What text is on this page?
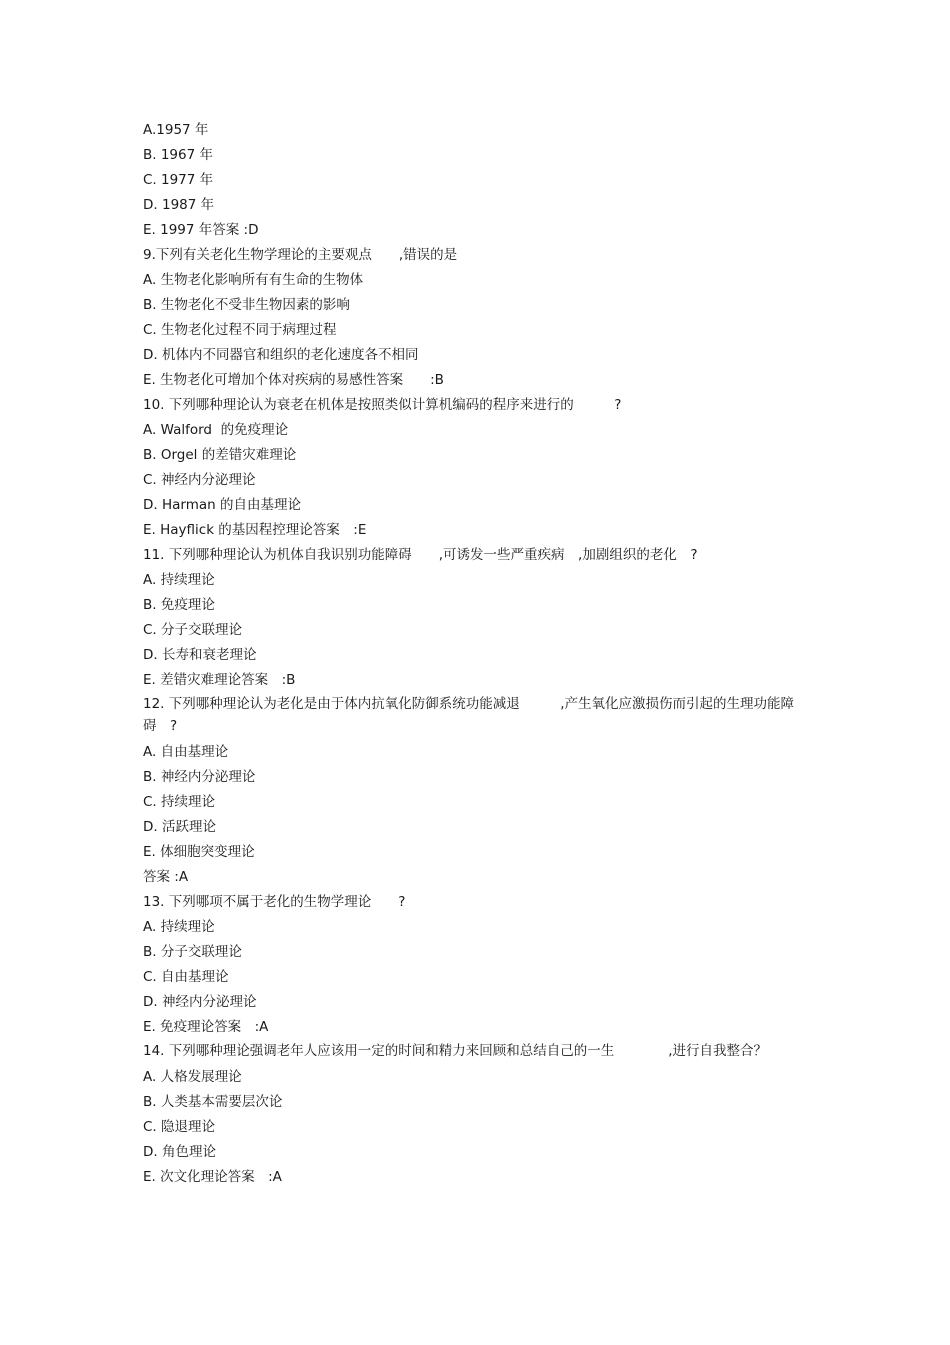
A.1957 年
B. 1967 年
C. 1977 年
D. 1987 年
E. 1997 年答案 :D
9.下列有关老化生物学理论的主要观点　　,错误的是
A. 生物老化影响所有有生命的生物体
B. 生物老化不受非生物因素的影响
C. 生物老化过程不同于病理过程
D. 机体内不同器官和组织的老化速度各不相同
E. 生物老化可增加个体对疾病的易感性答案　　:B
10. 下列哪种理论认为衰老在机体是按照类似计算机编码的程序来进行的　　　?
A. Walford  的免疫理论
B. Orgel 的差错灾难理论
C. 神经内分泌理论
D. Harman 的自由基理论
E. Hayflick 的基因程控理论答案　:E
11. 下列哪种理论认为机体自我识别功能障碍　　,可诱发一些严重疾病　,加剧组织的老化　?
A. 持续理论
B. 免疫理论
C. 分子交联理论
D. 长寿和衰老理论
E. 差错灾难理论答案　:B
12. 下列哪种理论认为老化是由于体内抗氧化防御系统功能减退　　　,产生氧化应激损伤而引起的生理功能障碍　?
A. 自由基理论
B. 神经内分泌理论
C. 持续理论
D. 活跃理论
E. 体细胞突变理论
答案 :A
13. 下列哪项不属于老化的生物学理论　　?
A. 持续理论
B. 分子交联理论
C. 自由基理论
D. 神经内分泌理论
E. 免疫理论答案　:A
14. 下列哪种理论强调老年人应该用一定的时间和精力来回顾和总结自己的一生　　　　,进行自我整合？
A. 人格发展理论
B. 人类基本需要层次论
C. 隐退理论
D. 角色理论
E. 次文化理论答案　:A
